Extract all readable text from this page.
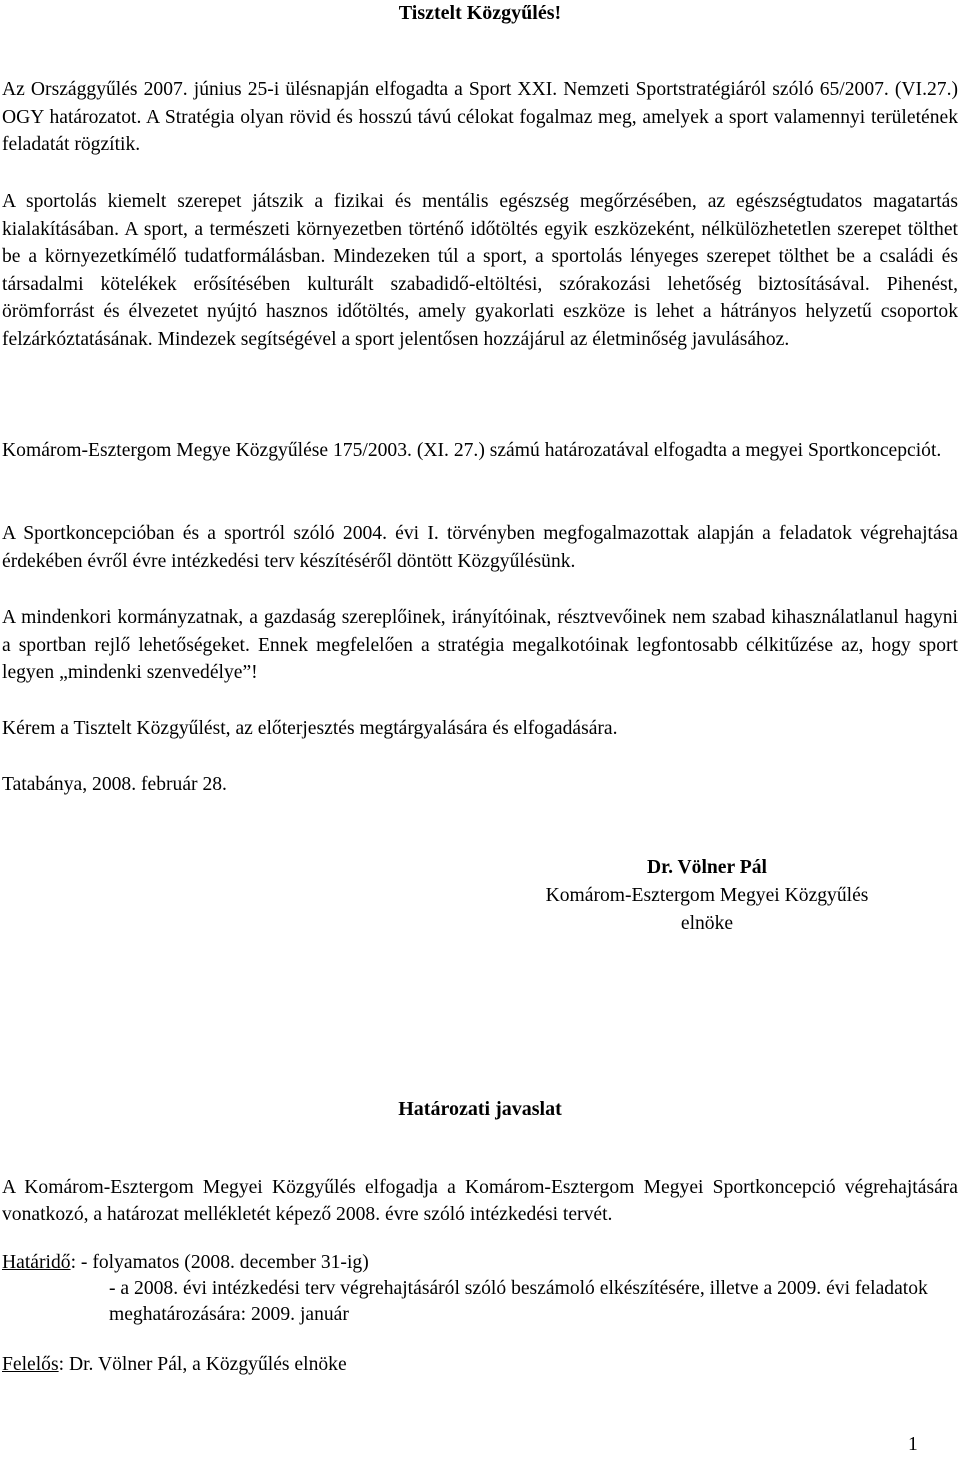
Tisztelt Közgyűlés!

Az Országgyűlés 2007. június 25-i ülésnapján elfogadta a Sport XXI. Nemzeti Sportstratégiáról szóló 65/2007. (VI.27.) OGY határozatot. A Stratégia olyan rövid és hosszú távú célokat fogalmaz meg, amelyek a sport valamennyi területének feladatát rögzítik.

A sportolás kiemelt szerepet játszik a fizikai és mentális egészség megőrzésében, az egészségtudatos magatartás kialakításában. A sport, a természeti környezetben történő időtöltés egyik eszközeként, nélkülözhetetlen szerepet tölthet be a környezetkímélő tudatformálásban. Mindezeken túl a sport, a sportolás lényeges szerepet tölthet be a családi és társadalmi kötelékek erősítésében kulturált szabadidő-eltöltési, szórakozási lehetőség biztosításával. Pihenést, örömforrást és élvezetet nyújtó hasznos időtöltés, amely gyakorlati eszköze is lehet a hátrányos helyzetű csoportok felzárkóztatásának. Mindezek segítségével a sport jelentősen hozzájárul az életminőség javulásához.

Komárom-Esztergom Megye Közgyűlése 175/2003. (XI. 27.) számú határozatával elfogadta a megyei Sportkoncepciót.

A Sportkoncepcióban és a sportról szóló 2004. évi I. törvényben megfogalmazottak alapján a feladatok végrehajtása érdekében évről évre intézkedési terv készítéséről döntött Közgyűlésünk.

A mindenkori kormányzatnak, a gazdaság szereplőinek, irányítóinak, résztvevőinek nem szabad kihasználatlanul hagyni a sportban rejlő lehetőségeket. Ennek megfelelően a stratégia megalkotóinak legfontosabb célkitűzése az, hogy sport legyen „mindenki szenvedélye”!

Kérem a Tisztelt Közgyűlést, az előterjesztés megtárgyalására és elfogadására.

Tatabánya, 2008. február 28.

Dr. Völner Pál
Komárom-Esztergom Megyei Közgyűlés
elnöke
Határozati javaslat

A Komárom-Esztergom Megyei Közgyűlés elfogadja a Komárom-Esztergom Megyei Sportkoncepció végrehajtására vonatkozó, a határozat mellékletét képező 2008. évre szóló intézkedési tervét.

Határidő: - folyamatos (2008. december 31-ig)
- a 2008. évi intézkedési terv végrehajtásáról szóló beszámoló elkészítésére, illetve a 2009. évi feladatok meghatározására: 2009. január
Felelős: Dr. Völner Pál, a Közgyűlés elnöke
1
